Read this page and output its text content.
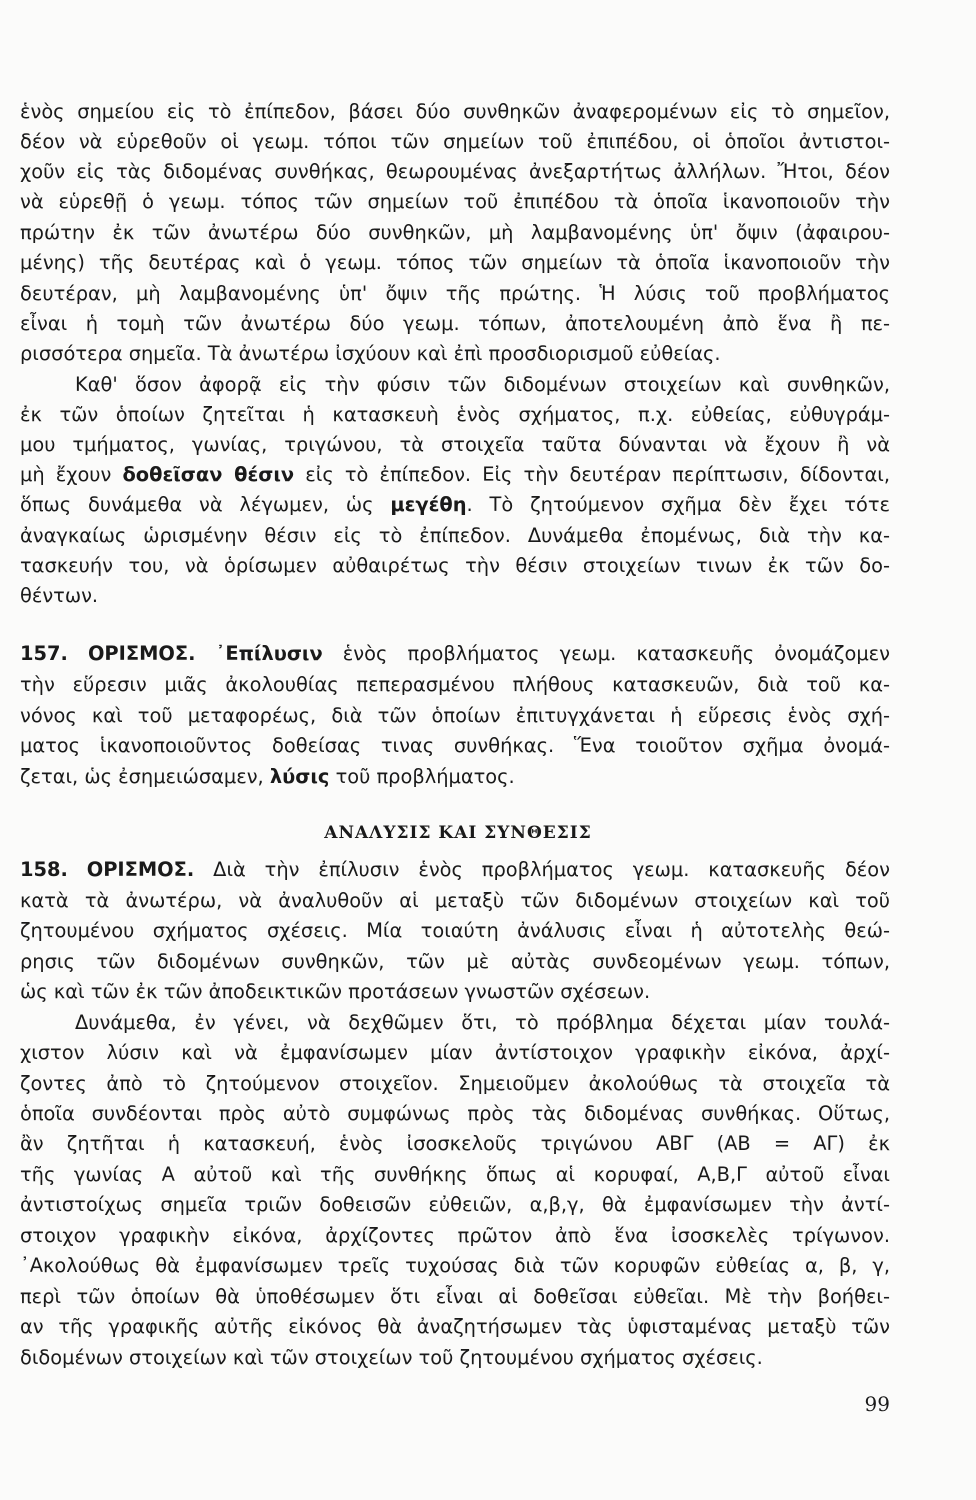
ἑνὸς σημείου εἰς τὸ ἐπίπεδον, βάσει δύο συνθηκῶν ἀναφερομένων εἰς τὸ σημεῖον,
δέον νὰ εὑρεθοῦν οἱ γεωμ. τόποι τῶν σημείων τοῦ ἐπιπέδου, οἱ ὁποῖοι ἀντιστοι-
χοῦν εἰς τὰς διδομένας συνθήκας, θεωρουμένας ἀνεξαρτήτως ἀλλήλων. Ἤτοι, δέον
νὰ εὑρεθῇ ὁ γεωμ. τόπος τῶν σημείων τοῦ ἐπιπέδου τὰ ὁποῖα ἱκανοποιοῦν τὴν
πρώτην ἐκ τῶν ἀνωτέρω δύο συνθηκῶν, μὴ λαμβανομένης ὑπ' ὄψιν (ἀφαιρου-
μένης) τῆς δευτέρας καὶ ὁ γεωμ. τόπος τῶν σημείων τὰ ὁποῖα ἱκανοποιοῦν τὴν
δευτέραν, μὴ λαμβανομένης ὑπ' ὄψιν τῆς πρώτης. Ἡ λύσις τοῦ προβλήματος
εἶναι ἡ τομὴ τῶν ἀνωτέρω δύο γεωμ. τόπων, ἀποτελουμένη ἀπὸ ἕνα ἢ πε-
ρισσότερα σημεῖα. Τὰ ἀνωτέρω ἰσχύουν καὶ ἐπὶ προσδιορισμοῦ εὐθείας.
Καθ' ὅσον ἀφορᾷ εἰς τὴν φύσιν τῶν διδομένων στοιχείων καὶ συνθηκῶν,
ἐκ τῶν ὁποίων ζητεῖται ἡ κατασκευὴ ἑνὸς σχήματος, π.χ. εὐθείας, εὐθυγράμ-
μου τμήματος, γωνίας, τριγώνου, τὰ στοιχεῖα ταῦτα δύνανται νὰ ἔχουν ἢ νὰ
μὴ ἔχουν δοθεῖσαν θέσιν εἰς τὸ ἐπίπεδον. Εἰς τὴν δευτέραν περίπτωσιν, δίδονται,
ὅπως δυνάμεθα νὰ λέγωμεν, ὡς μεγέθη. Τὸ ζητούμενον σχῆμα δὲν ἔχει τότε
ἀναγκαίως ὡρισμένην θέσιν εἰς τὸ ἐπίπεδον. Δυνάμεθα ἐπομένως, διὰ τὴν κα-
τασκευήν του, νὰ ὁρίσωμεν αὐθαιρέτως τὴν θέσιν στοιχείων τινων ἐκ τῶν δο-
θέντων.
157. ΟΡΙΣΜΟΣ. ᾿Επίλυσιν ἑνὸς προβλήματος γεωμ. κατασκευῆς ὀνομάζομεν
τὴν εὕρεσιν μιᾶς ἀκολουθίας πεπερασμένου πλήθους κατασκευῶν, διὰ τοῦ κα-
νόνος καὶ τοῦ μεταφορέως, διὰ τῶν ὁποίων ἐπιτυγχάνεται ἡ εὕρεσις ἑνὸς σχή-
ματος ἱκανοποιοῦντος δοθείσας τινας συνθήκας. Ἕνα τοιοῦτον σχῆμα ὀνομά-
ζεται, ὡς ἐσημειώσαμεν, λύσις τοῦ προβλήματος.
ΑΝΑΛΥΣΙΣ ΚΑΙ ΣΥΝΘΕΣΙΣ
158. ΟΡΙΣΜΟΣ. Διὰ τὴν ἐπίλυσιν ἑνὸς προβλήματος γεωμ. κατασκευῆς δέον
κατὰ τὰ ἀνωτέρω, νὰ ἀναλυθοῦν αἱ μεταξὺ τῶν διδομένων στοιχείων καὶ τοῦ
ζητουμένου σχήματος σχέσεις. Μία τοιαύτη ἀνάλυσις εἶναι ἡ αὐτοτελὴς θεώ-
ρησις τῶν διδομένων συνθηκῶν, τῶν μὲ αὐτὰς συνδεομένων γεωμ. τόπων,
ὡς καὶ τῶν ἐκ τῶν ἀποδεικτικῶν προτάσεων γνωστῶν σχέσεων.
Δυνάμεθα, ἐν γένει, νὰ δεχθῶμεν ὅτι, τὸ πρόβλημα δέχεται μίαν τουλά-
χιστον λύσιν καὶ νὰ ἐμφανίσωμεν μίαν ἀντίστοιχον γραφικὴν εἰκόνα, ἀρχί-
ζοντες ἀπὸ τὸ ζητούμενον στοιχεῖον. Σημειοῦμεν ἀκολούθως τὰ στοιχεῖα τὰ
ὁποῖα συνδέονται πρὸς αὐτὸ συμφώνως πρὸς τὰς διδομένας συνθήκας. Οὕτως,
ἂν ζητῆται ἡ κατασκευή, ἑνὸς ἰσοσκελοῦς τριγώνου ΑΒΓ (ΑΒ = ΑΓ) ἐκ
τῆς γωνίας Α αὐτοῦ καὶ τῆς συνθήκης ὅπως αἱ κορυφαί, Α,Β,Γ αὐτοῦ εἶναι
ἀντιστοίχως σημεῖα τριῶν δοθεισῶν εὐθειῶν, α,β,γ, θὰ ἐμφανίσωμεν τὴν ἀντί-
στοιχον γραφικὴν εἰκόνα, ἀρχίζοντες πρῶτον ἀπὸ ἕνα ἰσοσκελὲς τρίγωνον.
᾿Ακολούθως θὰ ἐμφανίσωμεν τρεῖς τυχούσας διὰ τῶν κορυφῶν εὐθείας α, β, γ,
περὶ τῶν ὁποίων θὰ ὑποθέσωμεν ὅτι εἶναι αἱ δοθεῖσαι εὐθεῖαι. Μὲ τὴν βοήθει-
αν τῆς γραφικῆς αὐτῆς εἰκόνος θὰ ἀναζητήσωμεν τὰς ὑφισταμένας μεταξὺ τῶν
διδομένων στοιχείων καὶ τῶν στοιχείων τοῦ ζητουμένου σχήματος σχέσεις.
99
